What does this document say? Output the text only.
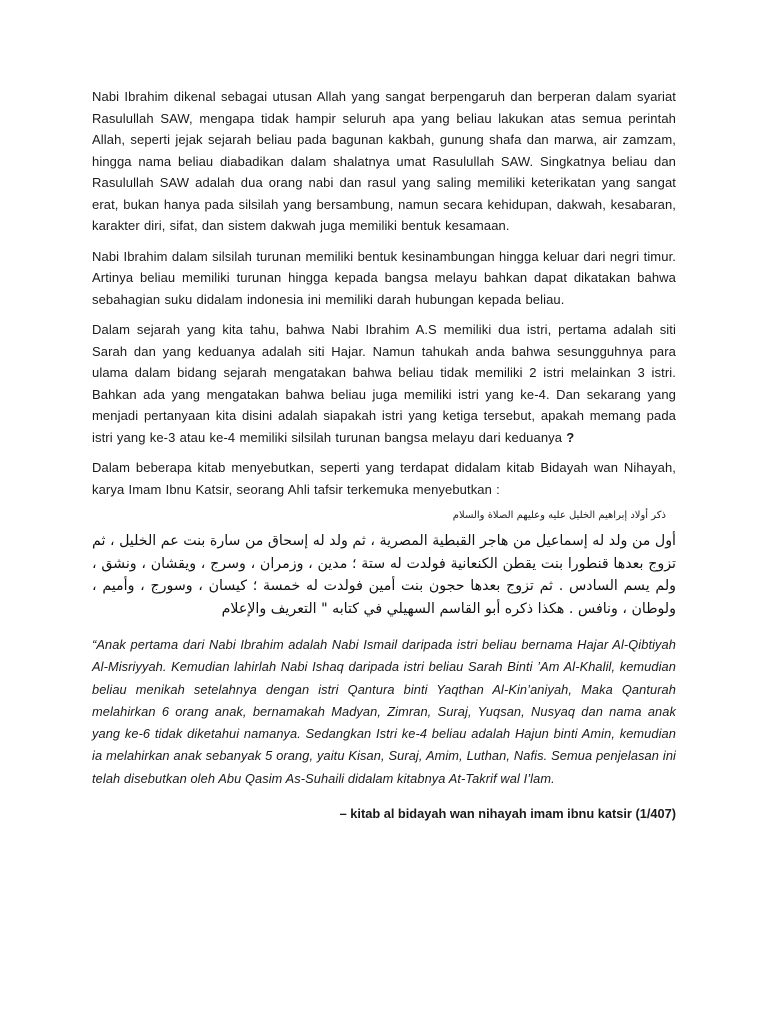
Nabi Ibrahim dikenal sebagai utusan Allah yang sangat berpengaruh dan berperan dalam syariat Rasulullah SAW, mengapa tidak hampir seluruh apa yang beliau lakukan atas semua perintah Allah, seperti jejak sejarah beliau pada bagunan kakbah, gunung shafa dan marwa, air zamzam, hingga nama beliau diabadikan dalam shalatnya umat Rasulullah SAW. Singkatnya beliau dan Rasulullah SAW adalah dua orang nabi dan rasul yang saling memiliki keterikatan yang sangat erat, bukan hanya pada silsilah yang bersambung, namun secara kehidupan, dakwah, kesabaran, karakter diri, sifat, dan sistem dakwah juga memiliki bentuk kesamaan.

Nabi Ibrahim dalam silsilah turunan memiliki bentuk kesinambungan hingga keluar dari negri timur. Artinya beliau memiliki turunan hingga kepada bangsa melayu bahkan dapat dikatakan bahwa sebahagian suku didalam indonesia ini memiliki darah hubungan kepada beliau.

Dalam sejarah yang kita tahu, bahwa Nabi Ibrahim A.S memiliki dua istri, pertama adalah siti Sarah dan yang keduanya adalah siti Hajar. Namun tahukah anda bahwa sesungguhnya para ulama dalam bidang sejarah mengatakan bahwa beliau tidak memiliki 2 istri melainkan 3 istri. Bahkan ada yang mengatakan bahwa beliau juga memiliki istri yang ke-4. Dan sekarang yang menjadi pertanyaan kita disini adalah siapakah istri yang ketiga tersebut, apakah memang pada istri yang ke-3 atau ke-4 memiliki silsilah turunan bangsa melayu dari keduanya ?

Dalam beberapa kitab menyebutkan, seperti yang terdapat didalam kitab Bidayah wan Nihayah, karya Imam Ibnu Katsir, seorang Ahli tafsir terkemuka menyebutkan :

ذكر أولاد إبراهيم الخليل عليه وعليهم الصلاة والسلام
أول من ولد له إسماعيل من هاجر القبطية المصرية ، ثم ولد له إسحاق من سارة بنت عم الخليل ، ثم تزوج بعدها قنطورا بنت يقطن الكنعانية فولدت له ستة ؛ مدين ، وزمران ، وسرج ، ويقشان ، ونشق ، ولم يسم السادس . ثم تزوج بعدها حجون بنت أمين فولدت له خمسة ؛ كيسان ، وسورج ، وأميم ، ولوطان ، ونافس . هكذا ذكره أبو القاسم السهيلي في كتابه " التعريف والإعلام

“Anak pertama dari Nabi Ibrahim adalah Nabi Ismail daripada istri beliau bernama Hajar Al-Qibtiyah Al-Misriyyah. Kemudian lahirlah Nabi Ishaq daripada istri beliau Sarah Binti ’Am Al-Khalil, kemudian beliau menikah setelahnya dengan istri Qantura binti Yaqthan Al-Kin’aniyah, Maka Qanturah melahirkan 6 orang anak, bernamakah Madyan, Zimran, Suraj, Yuqsan, Nusyaq dan nama anak yang ke-6 tidak diketahui namanya. Sedangkan Istri ke-4 beliau adalah Hajun binti Amin, kemudian ia melahirkan anak sebanyak 5 orang, yaitu Kisan, Suraj, Amim, Luthan, Nafis. Semua penjelasan ini telah disebutkan oleh Abu Qasim As-Suhaili didalam kitabnya At-Takrif wal I’lam.

– kitab al bidayah wan nihayah imam ibnu katsir (1/407)
